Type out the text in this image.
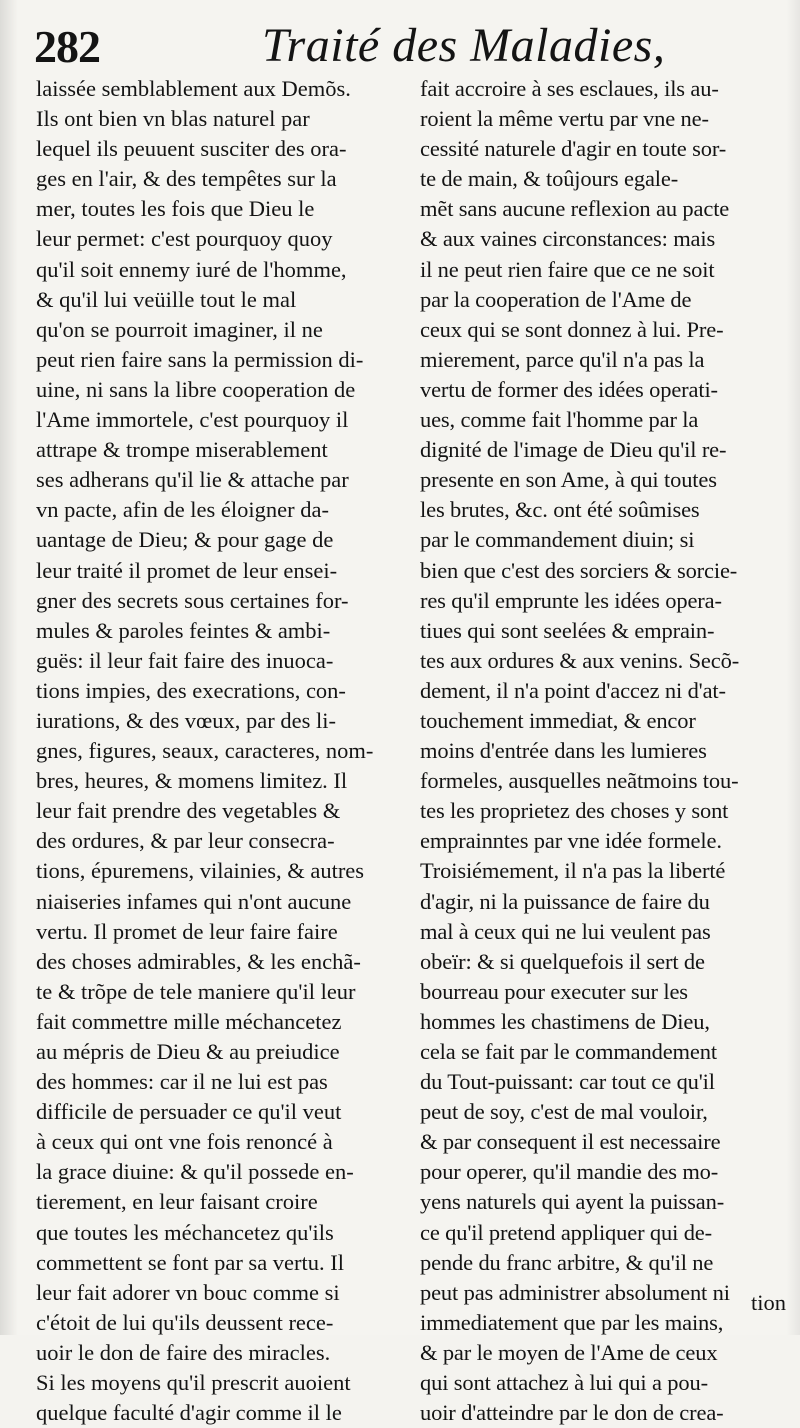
282	Traité des Maladies,
laissée semblablement aux Demõs.
Ils ont bien vn blas naturel par
lequel ils peuuent susciter des ora-
ges en l'air, & des tempêtes sur la
mer, toutes les fois que Dieu le
leur permet: c'est pourquoy quoy
qu'il soit ennemy iuré de l'homme,
& qu'il lui veüille tout le mal
qu'on se pourroit imaginer, il ne
peut rien faire sans la permission di-
uine, ni sans la libre cooperation de
l'Ame immortele, c'est pourquoy il
attrape & trompe miserablement
ses adherans qu'il lie & attache par
vn pacte, afin de les éloigner da-
uantage de Dieu; & pour gage de
leur traité il promet de leur ensei-
gner des secrets sous certaines for-
mules & paroles feintes & ambi-
guës: il leur fait faire des inuoca-
tions impies, des execrations, con-
iurations, & des vœux, par des li-
gnes, figures, seaux, caracteres, nom-
bres, heures, & momens limitez. Il
leur fait prendre des vegetables &
des ordures, & par leur consecra-
tions, épuremens, vilainies, & autres
niaiseries infames qui n'ont aucune
vertu. Il promet de leur faire faire
des choses admirables, & les enchã-
te & trõpe de tele maniere qu'il leur
fait commettre mille méchancetez
au mépris de Dieu & au preiudice
des hommes: car il ne lui est pas
difficile de persuader ce qu'il veut
à ceux qui ont vne fois renoncé à
la grace diuine: & qu'il possede en-
tierement, en leur faisant croire
que toutes les méchancetez qu'ils
commettent se font par sa vertu. Il
leur fait adorer vn bouc comme si
c'étoit de lui qu'ils deussent rece-
uoir le don de faire des miracles.
Si les moyens qu'il prescrit auoient
quelque faculté d'agir comme il le
fait accroire à ses esclaues, ils au-
roient la même vertu par vne ne-
cessité naturele d'agir en toute sor-
te de main, & toûjours egale-
mẽt sans aucune reflexion au pacte
& aux vaines circonstances: mais
il ne peut rien faire que ce ne soit
par la cooperation de l'Ame de
ceux qui se sont donnez à lui. Pre-
mierement, parce qu'il n'a pas la
vertu de former des idées operati-
ues, comme fait l'homme par la
dignité de l'image de Dieu qu'il re-
presente en son Ame, à qui toutes
les brutes, &c. ont été soûmises
par le commandement diuin; si
bien que c'est des sorciers & sorcie-
res qu'il emprunte les idées opera-
tiues qui sont seelées & emprain-
tes aux ordures & aux venins. Secõ-
dement, il n'a point d'accez ni d'at-
touchement immediat, & encor
moins d'entrée dans les lumieres
formeles, ausquelles neãtmoins tou-
tes les proprietez des choses y sont
emprainntes par vne idée formele.
Troisiémement, il n'a pas la liberté
d'agir, ni la puissance de faire du
mal à ceux qui ne lui veulent pas
obeïr: & si quelquefois il sert de
bourreau pour executer sur les
hommes les chastimens de Dieu,
cela se fait par le commandement
du Tout-puissant: car tout ce qu'il
peut de soy, c'est de mal vouloir,
& par consequent il est necessaire
pour operer, qu'il mandie des mo-
yens naturels qui ayent la puissan-
ce qu'il pretend appliquer qui de-
pende du franc arbitre, & qu'il ne
peut pas administrer absolument ni
immediatement que par les mains,
& par le moyen de l'Ame de ceux
qui sont attachez à lui qui a pou-
uoir d'atteindre par le don de crea-
tion
